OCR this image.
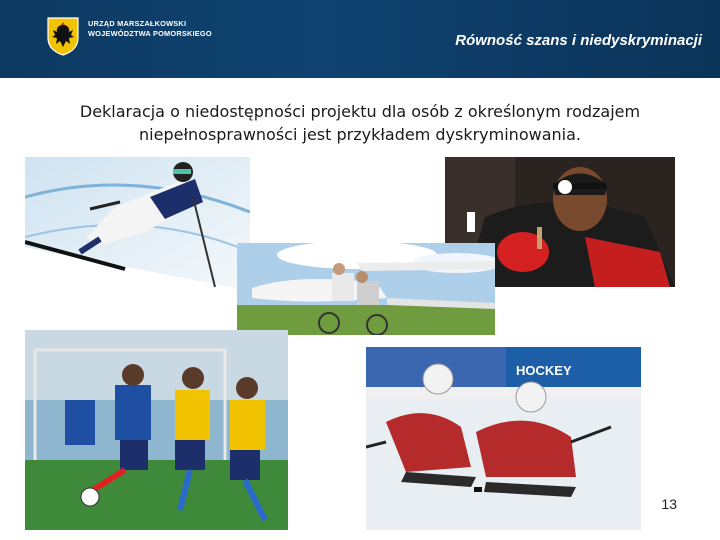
URZĄD MARSZAŁKOWSKI
WOJEWÓDZTWA POMORSKIEGO	Równość szans i niedyskryminacji
Deklaracja o niedostępności projektu dla osób z określonym rodzajem niepełnosprawności jest przykładem dyskryminowania.
HOCKEY
13
